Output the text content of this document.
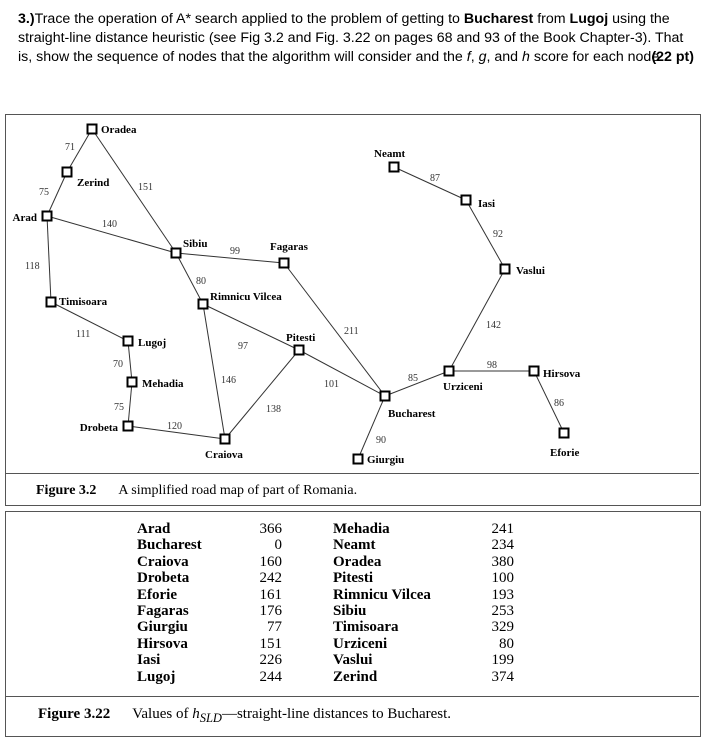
3.)Trace the operation of A* search applied to the problem of getting to Bucharest from Lugoj using the straight-line distance heuristic (see Fig 3.2 and Fig. 3.22 on pages 68 and 93 of the Book Chapter-3). That is, show the sequence of nodes that the algorithm will consider and the f, g, and h score for each node.
(22 pt)
Oradea
Zerind
Arad
Timisoara
Lugoj
Mehadia
Drobeta
Craiova
Sibiu
Rimnicu Vilcea
Fagaras
Pitesti
Bucharest
Giurgiu
Urziceni
Neamt
Iasi
Vaslui
Hirsova
Eforie
71
75	151
140
118
111
70
75
120
99
80
97
146
138
211
101
90
85
87
92
142
98
86
Figure 3.2 A simplified road map of part of Romania.
Arad
Bucharest
Craiova
Drobeta
Eforie
Fagaras
Giurgiu
Hirsova
Iasi
Lugoj
366
0
160
242
161
176
77
151
226
244
Mehadia
Neamt
Oradea
Pitesti
Rimnicu Vilcea
Sibiu
Timisoara
Urziceni
Vaslui
Zerind
241
234
380
100
193
253
329
80
199
374
Figure 3.22 Values of $h_{SLD}—straight$-line distances to Bucharest.
